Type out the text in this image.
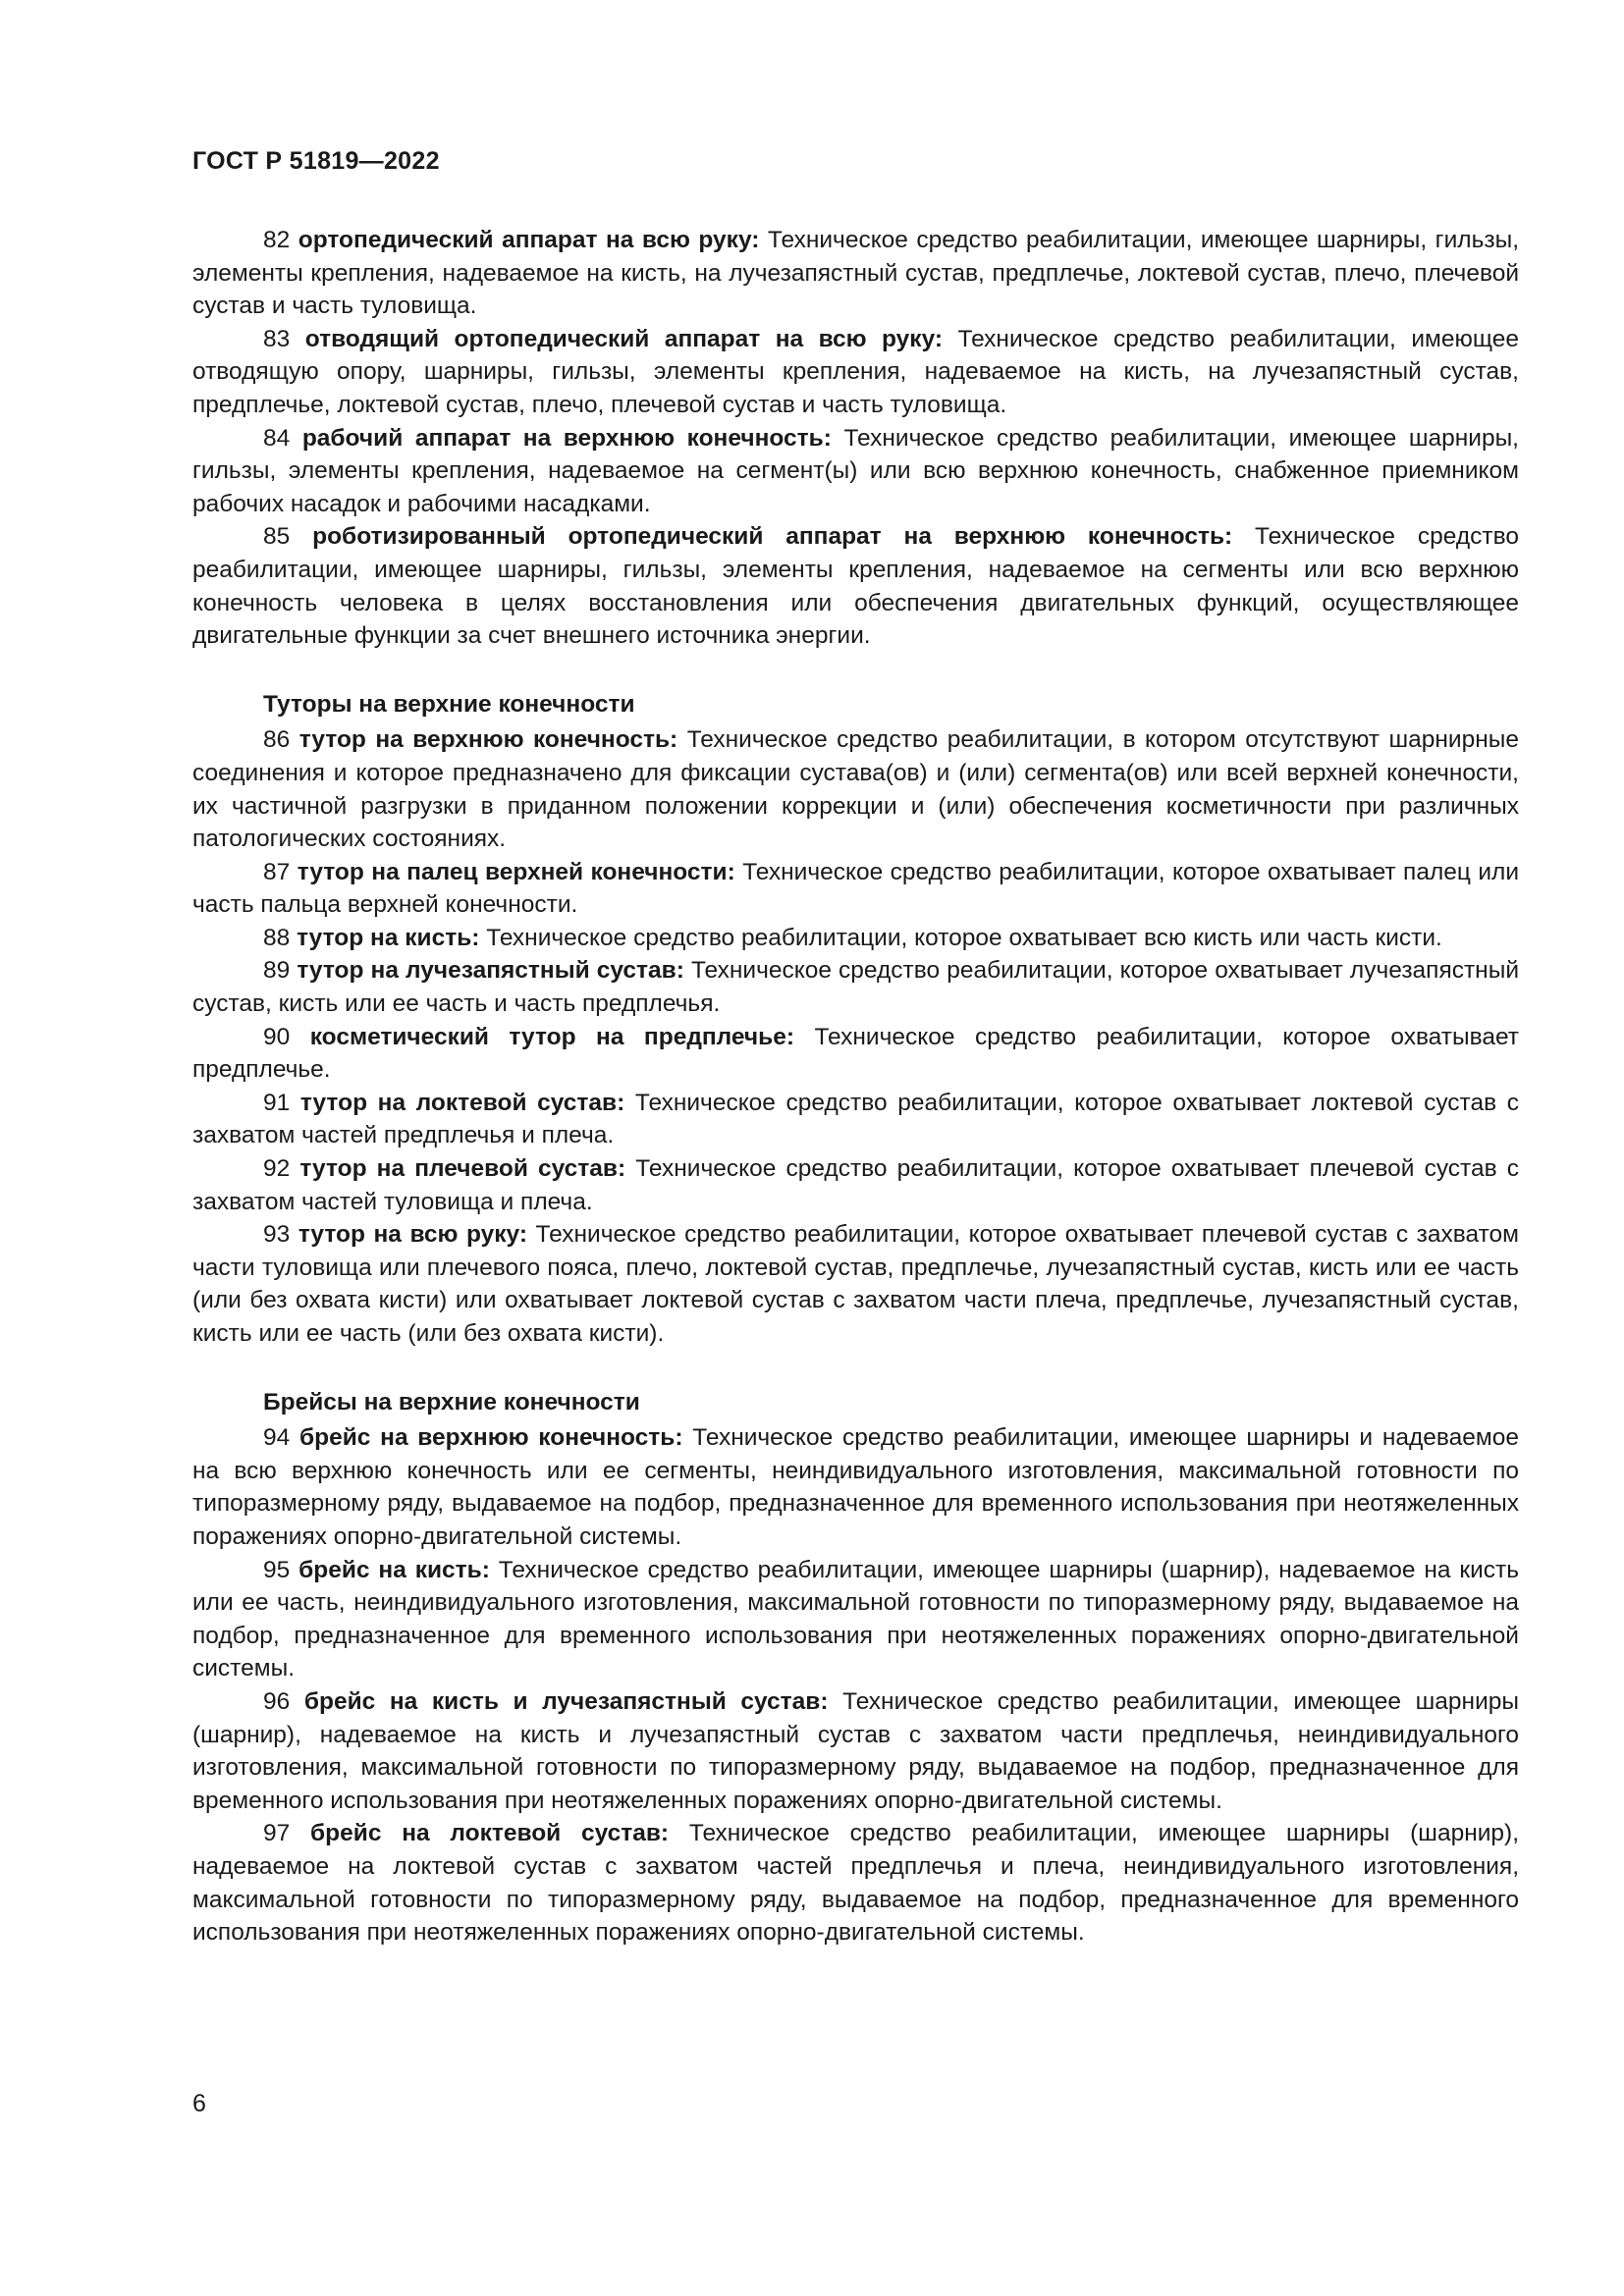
ГОСТ Р 51819—2022

82 ортопедический аппарат на всю руку: Техническое средство реабилитации, имеющее шарниры, гильзы, элементы крепления, надеваемое на кисть, на лучезапястный сустав, предплечье, локтевой сустав, плечо, плечевой сустав и часть туловища.

83 отводящий ортопедический аппарат на всю руку: Техническое средство реабилитации, имеющее отводящую опору, шарниры, гильзы, элементы крепления, надеваемое на кисть, на лучезапястный сустав, предплечье, локтевой сустав, плечо, плечевой сустав и часть туловища.

84 рабочий аппарат на верхнюю конечность: Техническое средство реабилитации, имеющее шарниры, гильзы, элементы крепления, надеваемое на сегмент(ы) или всю верхнюю конечность, снабженное приемником рабочих насадок и рабочими насадками.

85 роботизированный ортопедический аппарат на верхнюю конечность: Техническое средство реабилитации, имеющее шарниры, гильзы, элементы крепления, надеваемое на сегменты или всю верхнюю конечность человека в целях восстановления или обеспечения двигательных функций, осуществляющее двигательные функции за счет внешнего источника энергии.

Туторы на верхние конечности

86 тутор на верхнюю конечность: Техническое средство реабилитации, в котором отсутствуют шарнирные соединения и которое предназначено для фиксации сустава(ов) и (или) сегмента(ов) или всей верхней конечности, их частичной разгрузки в приданном положении коррекции и (или) обеспечения косметичности при различных патологических состояниях.

87 тутор на палец верхней конечности: Техническое средство реабилитации, которое охватывает палец или часть пальца верхней конечности.

88 тутор на кисть: Техническое средство реабилитации, которое охватывает всю кисть или часть кисти.

89 тутор на лучезапястный сустав: Техническое средство реабилитации, которое охватывает лучезапястный сустав, кисть или ее часть и часть предплечья.

90 косметический тутор на предплечье: Техническое средство реабилитации, которое охватывает предплечье.

91 тутор на локтевой сустав: Техническое средство реабилитации, которое охватывает локтевой сустав с захватом частей предплечья и плеча.

92 тутор на плечевой сустав: Техническое средство реабилитации, которое охватывает плечевой сустав с захватом частей туловища и плеча.

93 тутор на всю руку: Техническое средство реабилитации, которое охватывает плечевой сустав с захватом части туловища или плечевого пояса, плечо, локтевой сустав, предплечье, лучезапястный сустав, кисть или ее часть (или без охвата кисти) или охватывает локтевой сустав с захватом части плеча, предплечье, лучезапястный сустав, кисть или ее часть (или без охвата кисти).

Брейсы на верхние конечности

94 брейс на верхнюю конечность: Техническое средство реабилитации, имеющее шарниры и надеваемое на всю верхнюю конечность или ее сегменты, неиндивидуального изготовления, максимальной готовности по типоразмерному ряду, выдаваемое на подбор, предназначенное для временного использования при неотяжеленных поражениях опорно-двигательной системы.

95 брейс на кисть: Техническое средство реабилитации, имеющее шарниры (шарнир), надеваемое на кисть или ее часть, неиндивидуального изготовления, максимальной готовности по типоразмерному ряду, выдаваемое на подбор, предназначенное для временного использования при неотяжеленных поражениях опорно-двигательной системы.

96 брейс на кисть и лучезапястный сустав: Техническое средство реабилитации, имеющее шарниры (шарнир), надеваемое на кисть и лучезапястный сустав с захватом части предплечья, неиндивидуального изготовления, максимальной готовности по типоразмерному ряду, выдаваемое на подбор, предназначенное для временного использования при неотяжеленных поражениях опорно-двигательной системы.

97 брейс на локтевой сустав: Техническое средство реабилитации, имеющее шарниры (шарнир), надеваемое на локтевой сустав с захватом частей предплечья и плеча, неиндивидуального изготовления, максимальной готовности по типоразмерному ряду, выдаваемое на подбор, предназначенное для временного использования при неотяжеленных поражениях опорно-двигательной системы.

6
